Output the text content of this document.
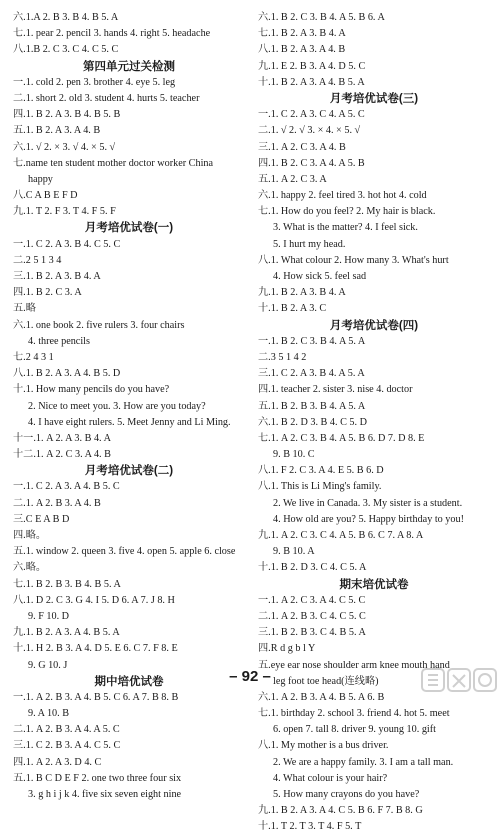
六.1.A 2. B 3. B 4. B 5. A
七.1. pear 2. pencil 3. hands 4. right 5. headache
八.1.B 2. C 3. C 4. C 5. C
第四单元过关检测
一.1. cold 2. pen 3. brother 4. eye 5. leg
二.1. short 2. old 3. student 4. hurts 5. teacher
四.1. B 2. A 3. B 4. B 5. B
五.1. B 2. A 3. A 4. B
六.1. √ 2. × 3. √ 4. × 5. √
七.name ten student mother doctor worker China
happy
八.C A B E F D
九.1. T 2. F 3. T 4. F 5. F
月考培优试卷(一)
一.1. C 2. A 3. B 4. C 5. C
二.2 5 1 3 4
三.1. B 2. A 3. B 4. A
四.1. B 2. C 3. A
五.略
六.1. one book 2. five rulers 3. four chairs
4. three pencils
七.2 4 3 1
八.1. B 2. A 3. A 4. B 5. D
十.1. How many pencils do you have?
2. Nice to meet you. 3. How are you today?
4. I have eight rulers. 5. Meet Jenny and Li Ming.
十一.1. A 2. A 3. B 4. A
十二.1. A 2. C 3. A 4. B
月考培优试卷(二)
一.1. C 2. A 3. A 4. B 5. C
二.1. A 2. B 3. A 4. B
三.C E A B D
四.略。
五.1. window 2. queen 3. five 4. open 5. apple 6. close
六.略。
七.1. B 2. B 3. B 4. B 5. A
八.1. D 2. C 3. G 4. I 5. D 6. A 7. J 8. H
9. F 10. D
九.1. B 2. A 3. A 4. B 5. A
十.1. H 2. B 3. A 4. D 5. E 6. C 7. F 8. E
9. G 10. J
期中培优试卷
一.1. A 2. B 3. A 4. B 5. C 6. A 7. B 8. B
9. A 10. B
二.1. A 2. B 3. A 4. A 5. C
三.1. C 2. B 3. A 4. C 5. C
四.1. A 2. A 3. D 4. C
五.1. B C D E F 2. one two three four six
3. g h i j k 4. five six seven eight nine
六.1. B 2. C 3. B 4. A 5. B 6. A
七.1. B 2. A 3. B 4. A
八.1. B 2. A 3. A 4. B
九.1. E 2. B 3. A 4. D 5. C
十.1. B 2. A 3. A 4. B 5. A
月考培优试卷(三)
一.1. C 2. A 3. C 4. A 5. C
二.1. √ 2. √ 3. × 4. × 5. √
三.1. A 2. C 3. A 4. B
四.1. B 2. C 3. A 4. A 5. B
五.1. A 2. C 3. A
六.1. happy 2. feel tired 3. hot hot 4. cold
七.1. How do you feel? 2. My hair is black.
3. What is the matter? 4. I feel sick.
5. I hurt my head.
八.1. What colour 2. How many 3. What's hurt
4. How sick 5. feel sad
九.1. B 2. A 3. B 4. A
十.1. B 2. A 3. C
月考培优试卷(四)
一.1. B 2. C 3. B 4. A 5. A
二.3 5 1 4 2
三.1. C 2. A 3. B 4. A 5. A
四.1. teacher 2. sister 3. nise 4. doctor
五.1. B 2. B 3. B 4. A 5. A
六.1. B 2. D 3. B 4. C 5. D
七.1. A 2. C 3. B 4. A 5. B 6. D 7. D 8. E
9. B 10. C
八.1. F 2. C 3. A 4. E 5. B 6. D
八.1. This is Li Ming's family.
2. We live in Canada. 3. My sister is a student.
4. How old are you? 5. Happy birthday to you!
九.1. A 2. C 3. C 4. A 5. B 6. C 7. A 8. A
9. B 10. A
十.1. B 2. D 3. C 4. C 5. A
期末培优试卷
一.1. A 2. C 3. A 4. C 5. C
二.1. A 2. B 3. C 4. C 5. C
三.1. B 2. B 3. C 4. B 5. A
四.R d g b l Y
五.eye ear nose shoulder arm knee mouth hand
leg foot toe head(连线略)
六.1. A 2. B 3. A 4. B 5. A 6. B
七.1. birthday 2. school 3. friend 4. hot 5. meet
6. open 7. tall 8. driver 9. young 10. gift
八.1. My mother is a bus driver.
2. We are a happy family. 3. I am a tall man.
4. What colour is your hair?
5. How many crayons do you have?
九.1. B 2. A 3. A 4. C 5. B 6. F 7. B 8. G
十.1. T 2. T 3. T 4. F 5. T
– 92 –
